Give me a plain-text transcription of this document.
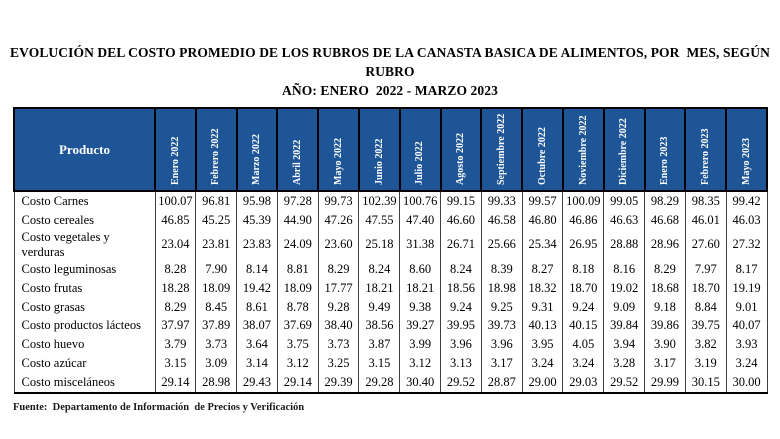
EVOLUCIÓN DEL COSTO PROMEDIO DE LOS RUBROS DE LA CANASTA BASICA DE ALIMENTOS, POR  MES, SEGÚN
RUBRO
AÑO: ENERO  2022 - MARZO 2023
Producto	Enero 2022	Febrero 2022	Marzo 2022	Abril 2022	Mayo 2022	Junio 2022	Julio 2022	Agosto 2022	Septiembre 2022	Octubre 2022	Noviembre 2022	Diciembre 2022	Enero 2023	Febrero 2023	Mayo 2023
Costo Carnes	100.07	96.81	95.98	97.28	99.73	102.39	100.76	99.15	99.33	99.57	100.09	99.05	98.29	98.35	99.42
Costo cereales	46.85	45.25	45.39	44.90	47.26	47.55	47.40	46.60	46.58	46.80	46.86	46.63	46.68	46.01	46.03
Costo vegetales y verduras	23.04	23.81	23.83	24.09	23.60	25.18	31.38	26.71	25.66	25.34	26.95	28.88	28.96	27.60	27.32
Costo leguminosas	8.28	7.90	8.14	8.81	8.29	8.24	8.60	8.24	8.39	8.27	8.18	8.16	8.29	7.97	8.17
Costo frutas	18.28	18.09	19.42	18.09	17.77	18.21	18.21	18.56	18.98	18.32	18.70	19.02	18.68	18.70	19.19
Costo grasas	8.29	8.45	8.61	8.78	9.28	9.49	9.38	9.24	9.25	9.31	9.24	9.09	9.18	8.84	9.01
Costo productos lácteos	37.97	37.89	38.07	37.69	38.40	38.56	39.27	39.95	39.73	40.13	40.15	39.84	39.86	39.75	40.07
Costo huevo	3.79	3.73	3.64	3.75	3.73	3.87	3.99	3.96	3.96	3.95	4.05	3.94	3.90	3.82	3.93
Costo azúcar	3.15	3.09	3.14	3.12	3.25	3.15	3.12	3.13	3.17	3.24	3.24	3.28	3.17	3.19	3.24
Costo misceláneos	29.14	28.98	29.43	29.14	29.39	29.28	30.40	29.52	28.87	29.00	29.03	29.52	29.99	30.15	30.00
Fuente:  Departamento de Información  de Precios y Verificación
